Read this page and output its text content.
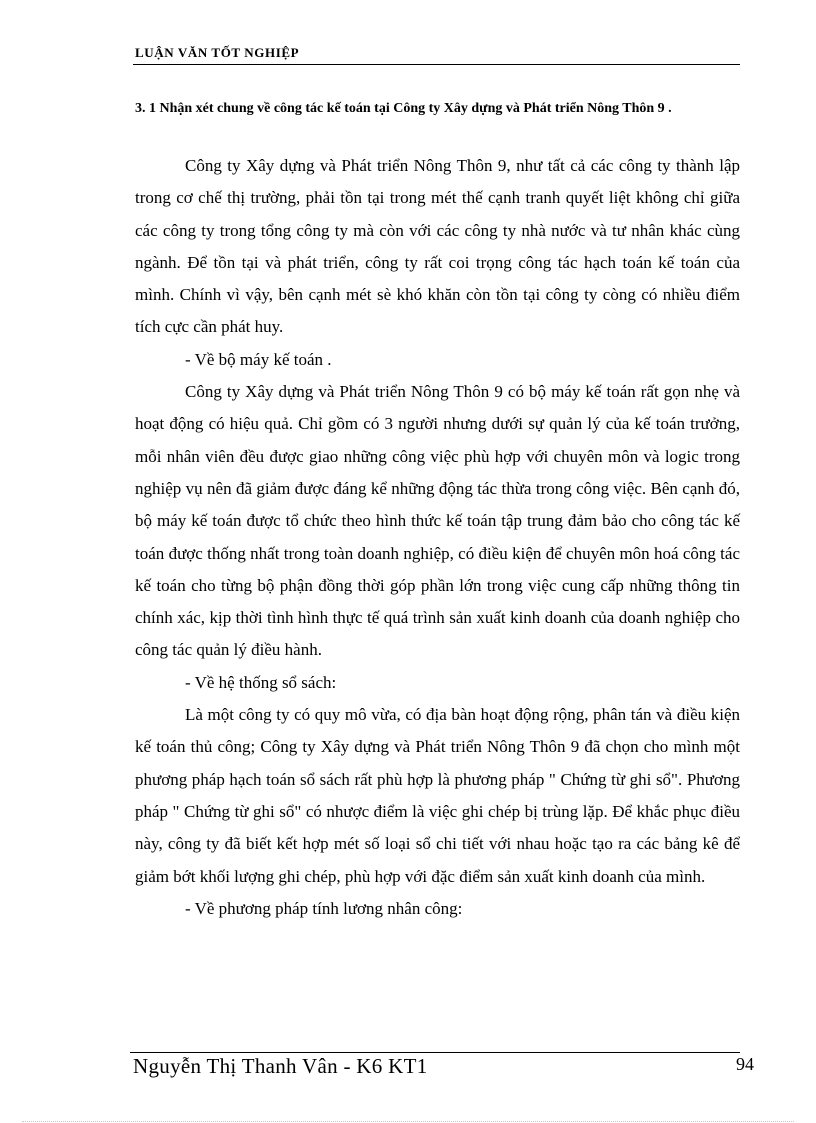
LUẬN VĂN TỐT NGHIỆP
3. 1 Nhận xét chung về công tác kế toán tại Công ty Xây dựng và Phát triển Nông Thôn 9 .

Công ty Xây dựng và Phát triển Nông Thôn 9, như tất cả các công ty thành lập trong cơ chế thị trường, phải tồn tại trong mét thế cạnh tranh quyết liệt không chỉ giữa các công ty trong tổng công ty mà còn với các công ty nhà nước và tư nhân khác cùng ngành. Để tồn tại và phát triển, công ty rất coi trọng công tác hạch toán kế toán của mình. Chính vì vậy, bên cạnh mét sè khó khăn còn tồn tại công ty còng có nhiều điểm tích cực cần phát huy.

- Về bộ máy kế toán .

Công ty Xây dựng và Phát triển Nông Thôn 9 có bộ máy kế toán rất gọn nhẹ và hoạt động có hiệu quả. Chỉ gồm có 3 người nhưng dưới sự quản lý của kế toán trưởng, mỗi nhân viên đều được giao những công việc phù hợp với chuyên môn và logic trong nghiệp vụ nên đã giảm được đáng kể những động tác thừa trong công việc. Bên cạnh đó, bộ máy kế toán được tổ chức theo hình thức kế toán tập trung đảm bảo cho công tác kế toán được thống nhất trong toàn doanh nghiệp, có điều kiện để chuyên môn hoá công tác kế toán cho từng bộ phận đồng thời góp phần lớn trong việc cung cấp những thông tin chính xác, kịp thời tình hình thực tế quá trình sản xuất kinh doanh của doanh nghiệp cho công tác quản lý điều hành.

- Về hệ thống sổ sách:

Là một công ty có quy mô vừa, có địa bàn hoạt động rộng, phân tán và điều kiện kế toán thủ công; Công ty Xây dựng và Phát triển Nông Thôn 9 đã chọn cho mình một phương pháp hạch toán sổ sách rất phù hợp là phương pháp " Chứng từ ghi sổ". Phương pháp " Chứng từ ghi sổ" có nhược điểm là việc ghi chép bị trùng lặp. Để khắc phục điều này, công ty đã biết kết hợp mét số loại sổ chi tiết với nhau hoặc tạo ra các bảng kê để giảm bớt khối lượng ghi chép, phù hợp với đặc điểm sản xuất kinh doanh của mình.

- Về phương pháp tính lương nhân công:

Nguyễn Thị Thanh Vân - K6 KT1	94
